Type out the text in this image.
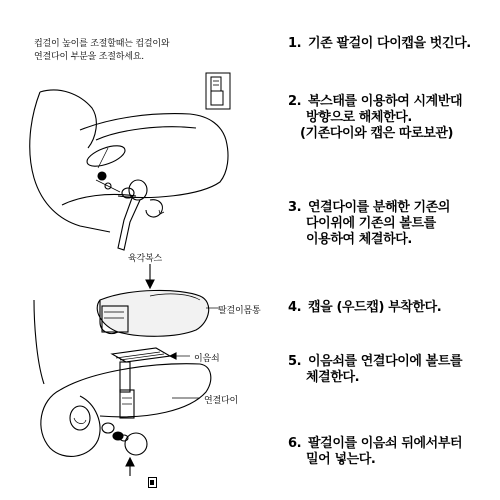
컵걸이 높이를 조절할때는 컵걸이와
연결다이 부분을 조절하세요.
육각복스
팔걸이몸통
이음쇠
연결다이
1. 기존 팔걸이 다이캡을 벗긴다.
2. 복스태를 이용하여 시계반대
방향으로 해체한다.
(기존다이와 캡은 따로보관)
3. 연결다이를 분해한 기존의
다이위에 기존의 볼트를
이용하여 체결하다.
4. 캡을 (우드캡) 부착한다.
5. 이음쇠를 연결다이에 볼트를
체결한다.
6. 팔걸이를 이음쇠 뒤에서부터
밀어 넣는다.
